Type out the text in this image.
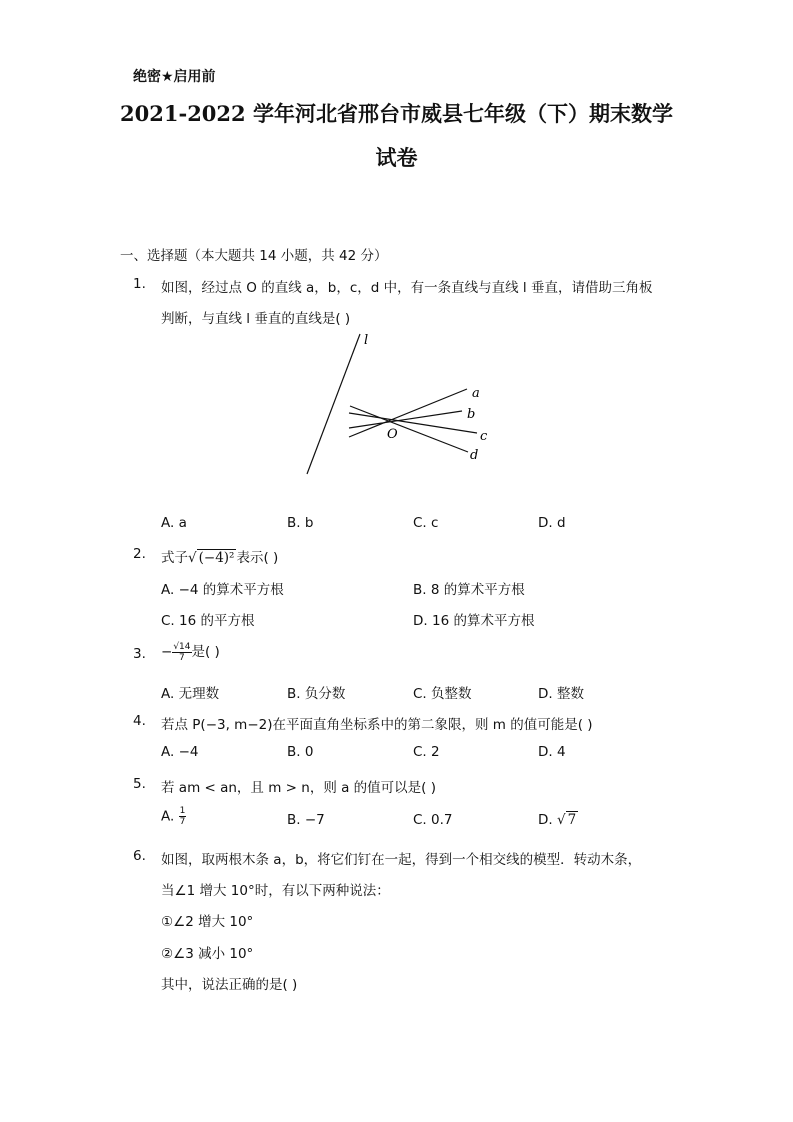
绝密★启用前
2021-2022 学年河北省邢台市威县七年级（下）期末数学
试卷
一、选择题（本大题共 14 小题，共 42 分）
1. 如图，经过点 O 的直线 a，b，c，d 中，有一条直线与直线 l 垂直，请借助三角板
判断，与直线 l 垂直的直线是( )
l
a
b
c
d
O
A. a	B. b	C. c	D. d
2. 式子√ (−4)² 表示( )
A. −4 的算术平方根	B. 8 的算术平方根
C. 16 的平方根	D. 16 的算术平方根
3. − $\frac{√14}{7}$ 是( )
A. 无理数	B. 负分数	C. 负整数	D. 整数
4. 若点 P(−3, m−2)在平面直角坐标系中的第二象限，则 m 的值可能是( )
A. −4	B. 0	C. 2	D. 4
5. 若 am < an，且 m > n，则 a 的值可以是( )
A. $\frac{1}{7}$	B. −7	C. 0.7	D. √ 7
6. 如图，取两根木条 a，b，将它们钉在一起，得到一个相交线的模型．转动木条，
当∠1 增大 10°时，有以下两种说法：
①∠2 增大 10°
②∠3 减小 10°
其中，说法正确的是( )
